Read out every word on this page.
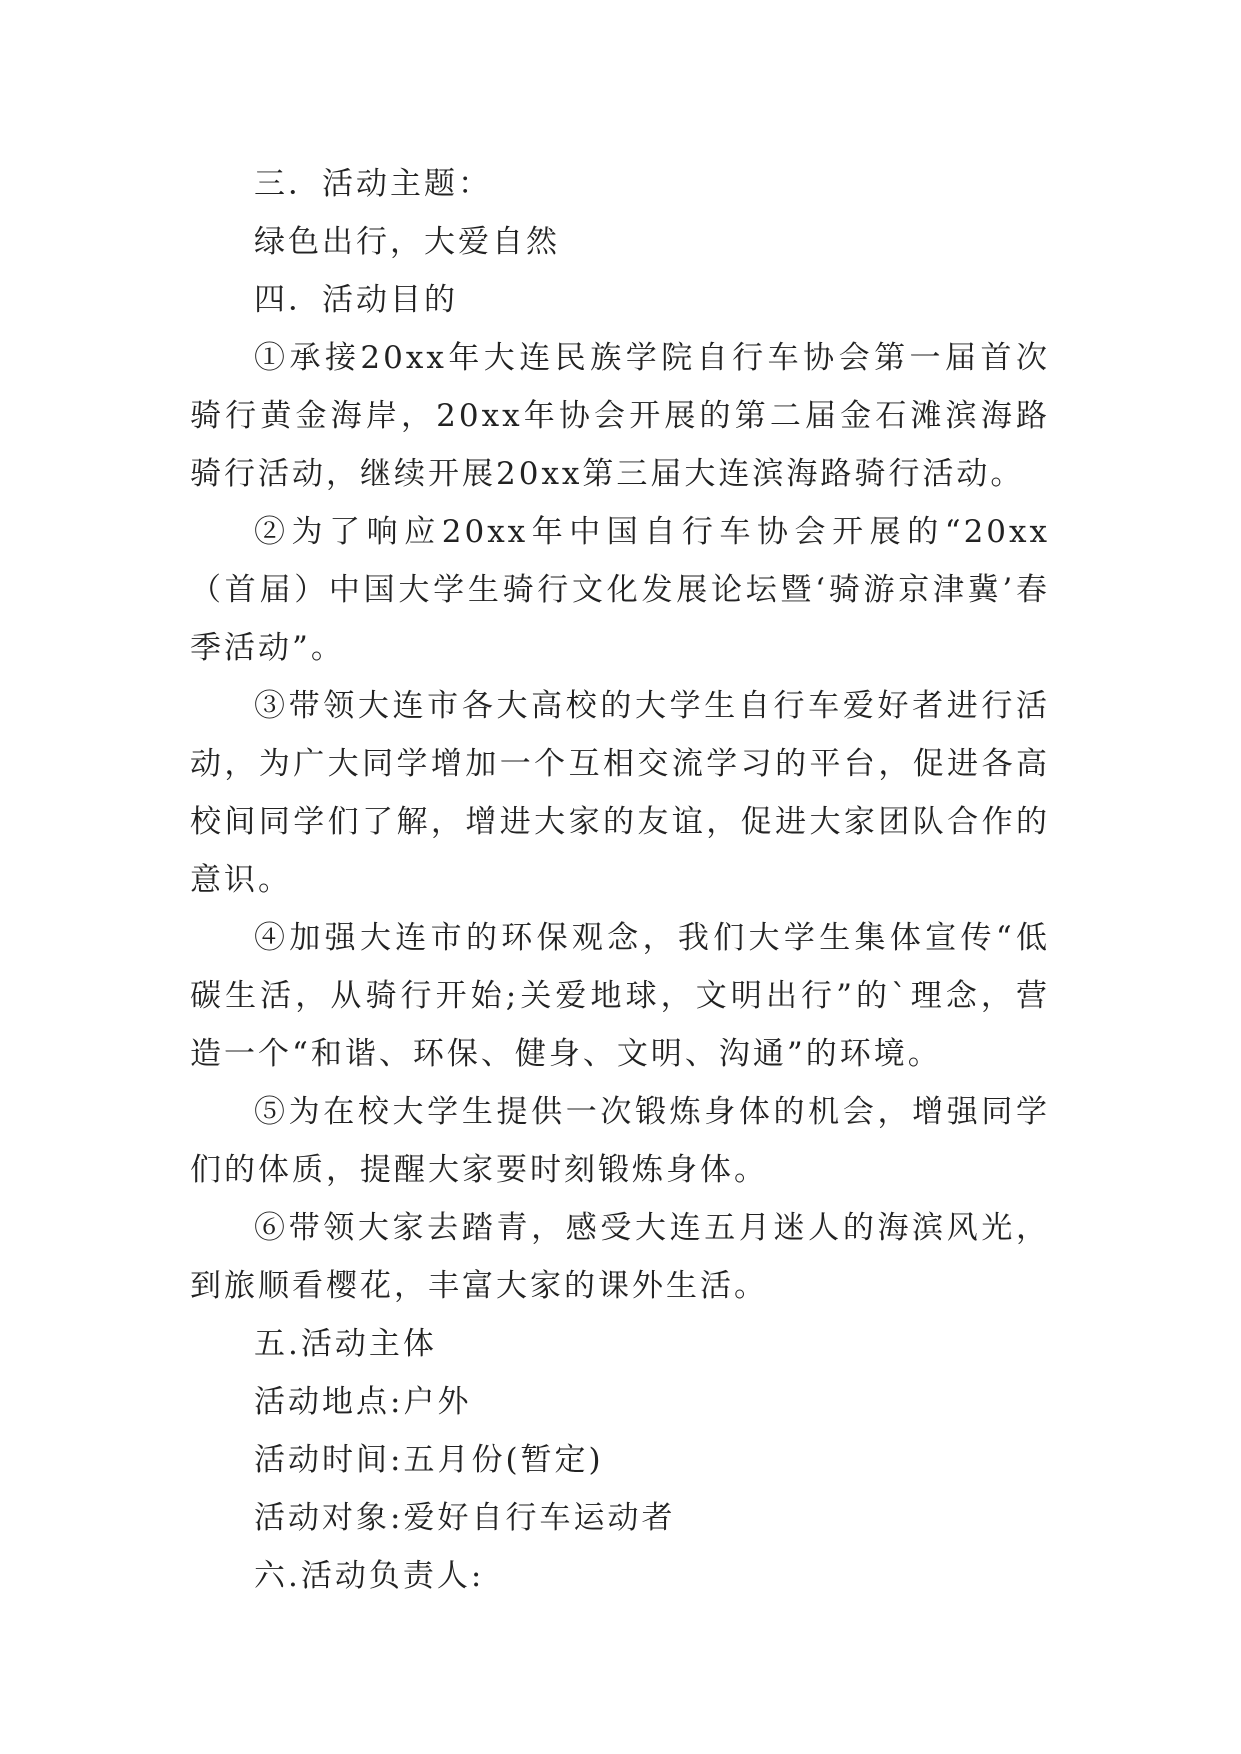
三．活动主题：

绿色出行，大爱自然

四．活动目的

①承接20xx年大连民族学院自行车协会第一届首次骑行黄金海岸，20xx年协会开展的第二届金石滩滨海路骑行活动，继续开展20xx第三届大连滨海路骑行活动。

②为了响应20xx年中国自行车协会开展的“20xx（首届）中国大学生骑行文化发展论坛暨‘骑游京津冀’春季活动”。

③带领大连市各大高校的大学生自行车爱好者进行活动，为广大同学增加一个互相交流学习的平台，促进各高校间同学们了解，增进大家的友谊，促进大家团队合作的意识。

④加强大连市的环保观念，我们大学生集体宣传“低碳生活，从骑行开始;关爱地球，文明出行”的`理念，营造一个“和谐、环保、健身、文明、沟通”的环境。

⑤为在校大学生提供一次锻炼身体的机会，增强同学们的体质，提醒大家要时刻锻炼身体。

⑥带领大家去踏青，感受大连五月迷人的海滨风光，到旅顺看樱花，丰富大家的课外生活。

五.活动主体

活动地点:户外

活动时间:五月份(暂定)

活动对象:爱好自行车运动者

六.活动负责人:
